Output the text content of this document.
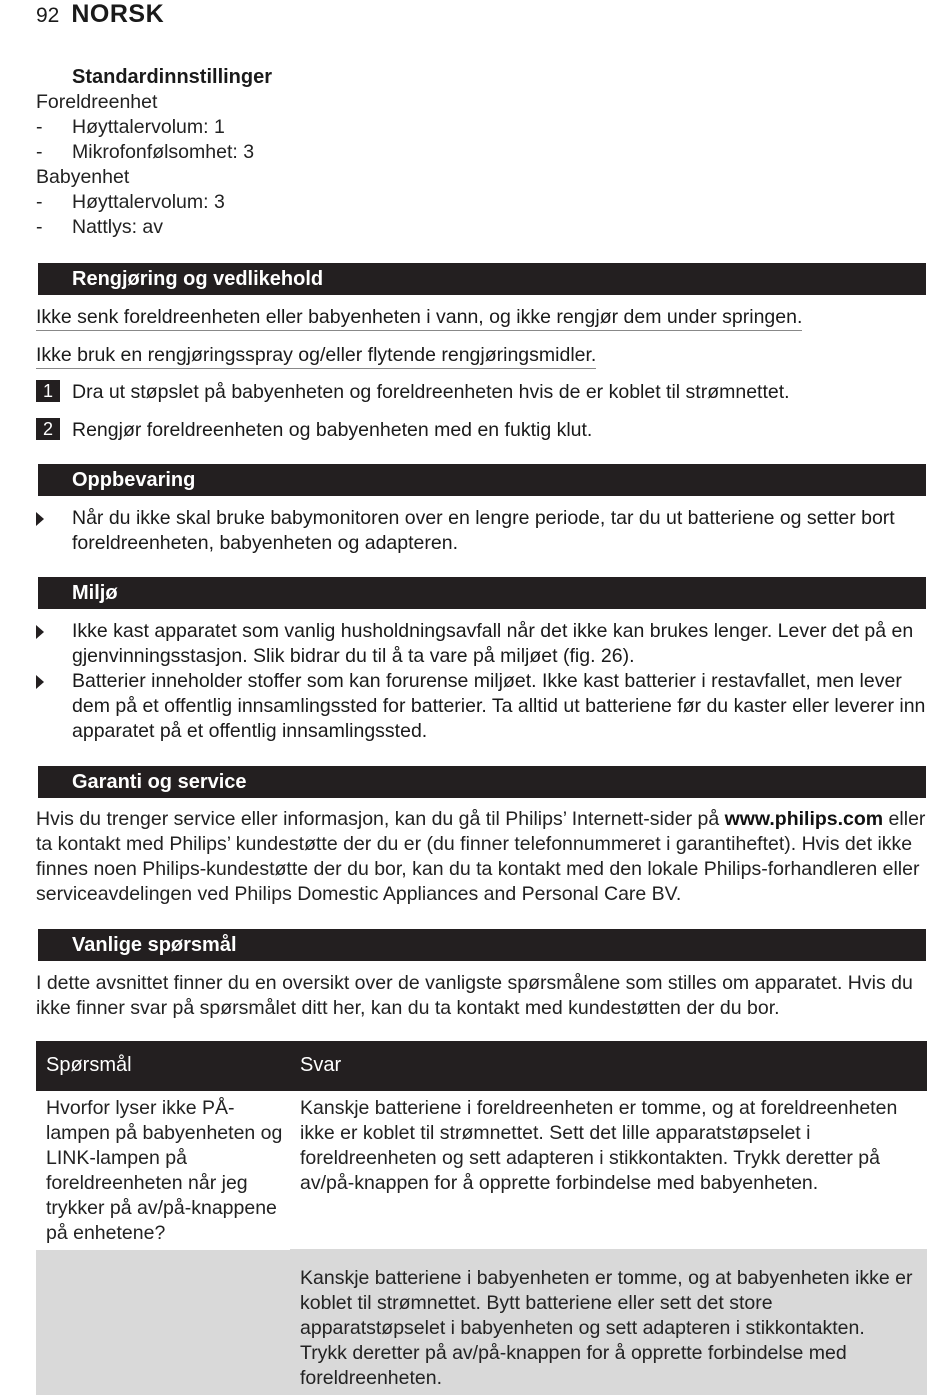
92 NORSK
Standardinnstillinger
Foreldreenhet
- Høyttalervolum: 1
- Mikrofonfølsomhet: 3
Babyenhet
- Høyttalervolum: 3
- Nattlys: av
Rengjøring og vedlikehold
Ikke senk foreldreenheten eller babyenheten i vann, og ikke rengjør dem under springen.
Ikke bruk en rengjøringsspray og/eller flytende rengjøringsmidler.
1 Dra ut støpslet på babyenheten og foreldreenheten hvis de er koblet til strømnettet.
2 Rengjør foreldreenheten og babyenheten med en fuktig klut.
Oppbevaring
Når du ikke skal bruke babymonitoren over en lengre periode, tar du ut batteriene og setter bort foreldreenheten, babyenheten og adapteren.
Miljø
Ikke kast apparatet som vanlig husholdningsavfall når det ikke kan brukes lenger. Lever det på en gjenvinningsstasjon. Slik bidrar du til å ta vare på miljøet (fig. 26).
Batterier inneholder stoffer som kan forurense miljøet. Ikke kast batterier i restavfallet, men lever dem på et offentlig innsamlingssted for batterier. Ta alltid ut batteriene før du kaster eller leverer inn apparatet på et offentlig innsamlingssted.
Garanti og service
Hvis du trenger service eller informasjon, kan du gå til Philips’ Internett-sider på www.philips.com eller ta kontakt med Philips’ kundestøtte der du er (du finner telefonnummeret i garantiheftet). Hvis det ikke finnes noen Philips-kundestøtte der du bor, kan du ta kontakt med den lokale Philips-forhandleren eller serviceavdelingen ved Philips Domestic Appliances and Personal Care BV.
Vanlige spørsmål
I dette avsnittet finner du en oversikt over de vanligste spørsmålene som stilles om apparatet. Hvis du ikke finner svar på spørsmålet ditt her, kan du ta kontakt med kundestøtten der du bor.
Spørsmål	Svar
Hvorfor lyser ikke PÅ-lampen på babyenheten og LINK-lampen på foreldreenheten når jeg trykker på av/på-knappene på enhetene?	Kanskje batteriene i foreldreenheten er tomme, og at foreldreenheten ikke er koblet til strømnettet. Sett det lille apparatstøpselet i foreldreenheten og sett adapteren i stikkontakten. Trykk deretter på av/på-knappen for å opprette forbindelse med babyenheten.
	Kanskje batteriene i babyenheten er tomme, og at babyenheten ikke er koblet til strømnettet. Bytt batteriene eller sett det store apparatstøpselet i babyenheten og sett adapteren i stikkontakten. Trykk deretter på av/på-knappen for å opprette forbindelse med foreldreenheten.
